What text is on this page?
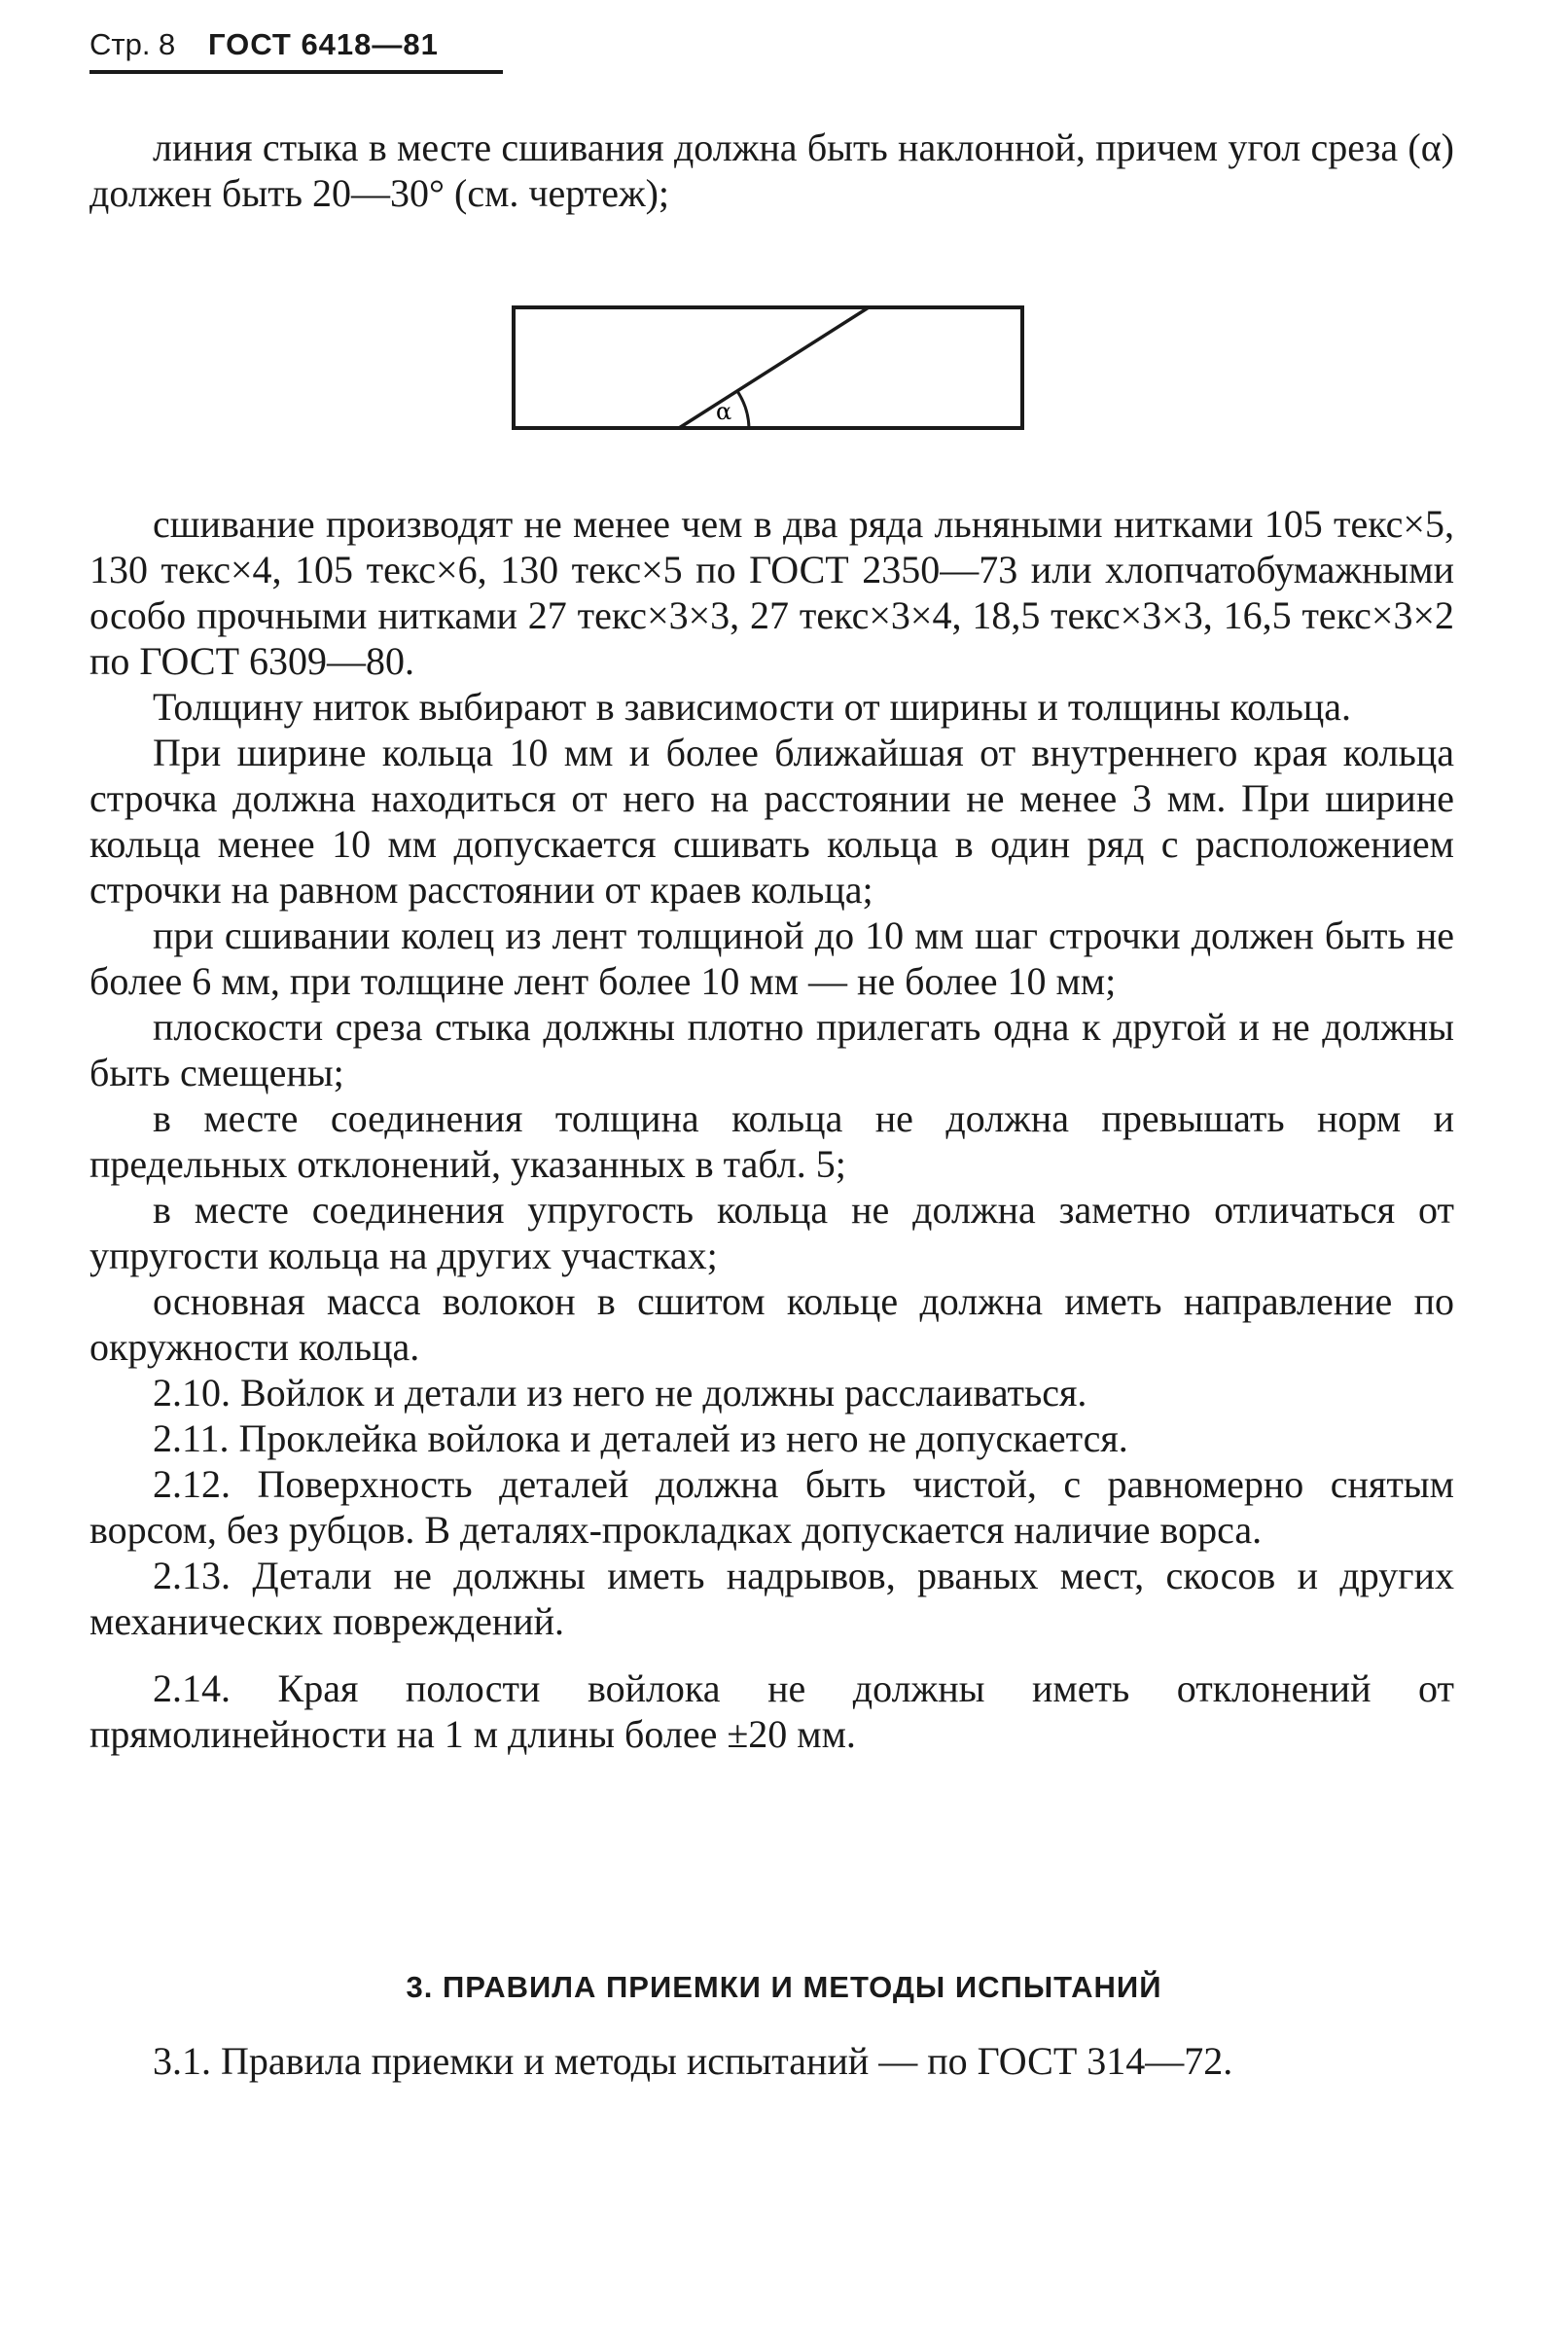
Стр. 8 ГОСТ 6418—81

линия стыка в месте сшивания должна быть наклонной, причем угол среза (α) должен быть 20—30° (см. чертеж);

α

сшивание производят не менее чем в два ряда льняными нитками 105 текс×5, 130 текс×4, 105 текс×6, 130 текс×5 по ГОСТ 2350—73 или хлопчатобумажными особо прочными нитками 27 текс×3×3, 27 текс×3×4, 18,5 текс×3×3, 16,5 текс×3×2 по ГОСТ 6309—80.

Толщину ниток выбирают в зависимости от ширины и толщины кольца.

При ширине кольца 10 мм и более ближайшая от внутреннего края кольца строчка должна находиться от него на расстоянии не менее 3 мм. При ширине кольца менее 10 мм допускается сшивать кольца в один ряд с расположением строчки на равном расстоянии от краев кольца;

при сшивании колец из лент толщиной до 10 мм шаг строчки должен быть не более 6 мм, при толщине лент более 10 мм — не более 10 мм;

плоскости среза стыка должны плотно прилегать одна к другой и не должны быть смещены;

в месте соединения толщина кольца не должна превышать норм и предельных отклонений, указанных в табл. 5;

в месте соединения упругость кольца не должна заметно отличаться от упругости кольца на других участках;

основная масса волокон в сшитом кольце должна иметь направление по окружности кольца.

2.10. Войлок и детали из него не должны расслаиваться.

2.11. Проклейка войлока и деталей из него не допускается.

2.12. Поверхность деталей должна быть чистой, с равномерно снятым ворсом, без рубцов. В деталях-прокладках допускается наличие ворса.

2.13. Детали не должны иметь надрывов, рваных мест, скосов и других механических повреждений.

2.14. Края полости войлока не должны иметь отклонений от прямолинейности на 1 м длины более ±20 мм.

3. ПРАВИЛА ПРИЕМКИ И МЕТОДЫ ИСПЫТАНИЙ

3.1. Правила приемки и методы испытаний — по ГОСТ 314—72.
